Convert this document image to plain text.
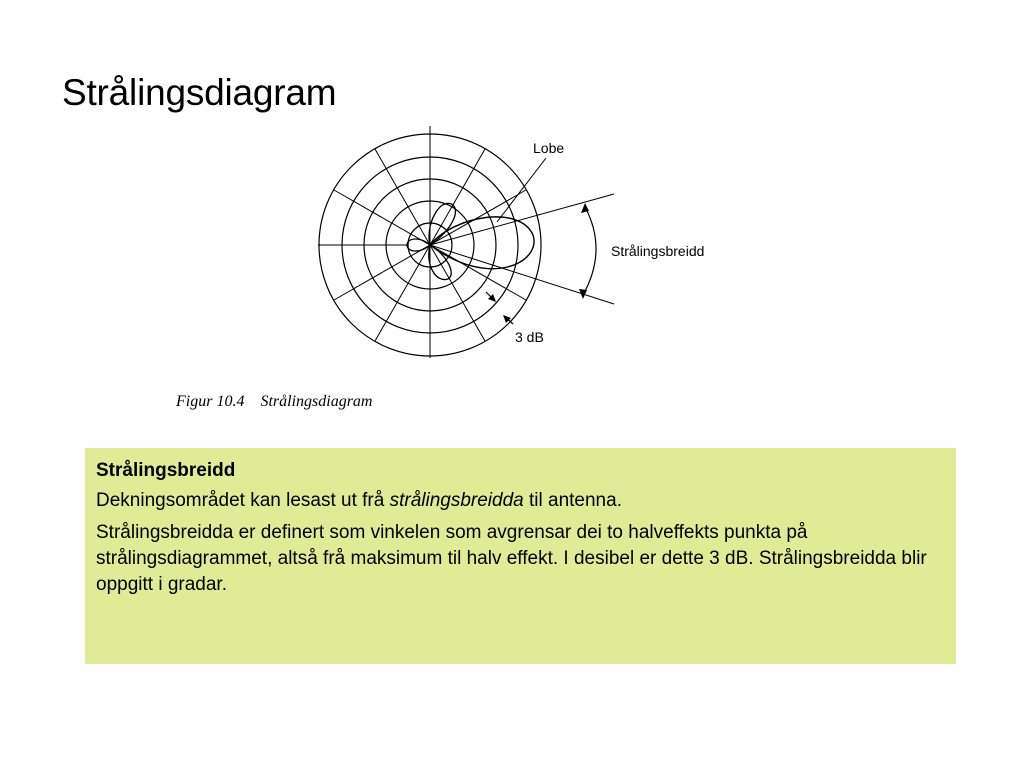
Strålingsdiagram
Lobe
Strålingsbreidd
3 dB
Figur 10.4 Strålingsdiagram

Strålingsbreidd

Dekningsområdet kan lesast ut frå strålingsbreidda til antenna.

Strålingsbreidda er definert som vinkelen som avgrensar dei to halveffekts punkta på strålingsdiagrammet, altså frå maksimum til halv effekt. I desibel er dette 3 dB. Strålingsbreidda blir oppgitt i gradar.
